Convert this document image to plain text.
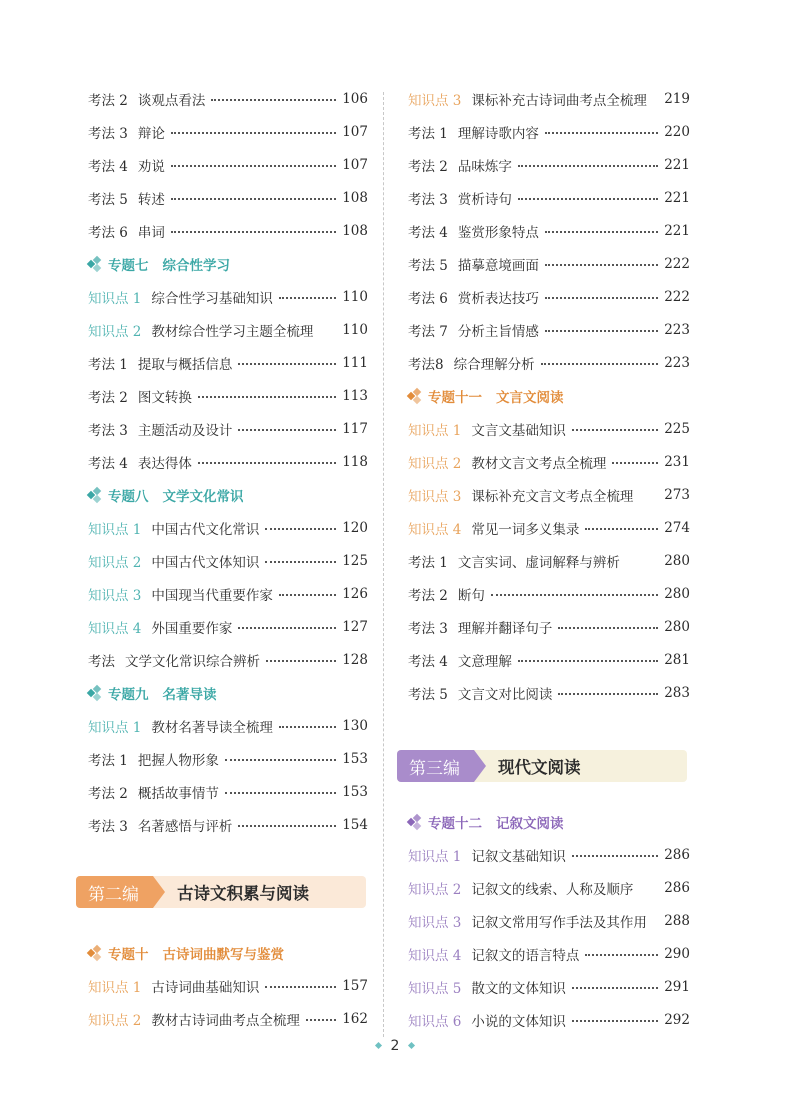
考法 2 谈观点看法	106
考法 3 辩论	107
考法 4 劝说	107
考法 5 转述	108
考法 6 串词	108
专题七 综合性学习
知识点 1 综合性学习基础知识	110
知识点 2 教材综合性学习主题全梳理 110
考法 1 提取与概括信息	111
考法 2 图文转换	113
考法 3 主题活动及设计	117
考法 4 表达得体	118
专题八 文学文化常识
知识点 1 中国古代文化常识	120
知识点 2 中国古代文体知识	125
知识点 3 中国现当代重要作家	126
知识点 4 外国重要作家	127
考法 文学文化常识综合辨析	128
专题九 名著导读
知识点 1 教材名著导读全梳理	130
考法 1 把握人物形象	153
考法 2 概括故事情节	153
考法 3 名著感悟与评析	154
第二编	古诗文积累与阅读
专题十 古诗词曲默写与鉴赏
知识点 1 古诗词曲基础知识	157
知识点 2 教材古诗词曲考点全梳理	162
知识点 3 课标补充古诗词曲考点全梳理 219
考法 1 理解诗歌内容	220
考法 2 品味炼字	221
考法 3 赏析诗句	221
考法 4 鉴赏形象特点	221
考法 5 描摹意境画面	222
考法 6 赏析表达技巧	222
考法 7 分析主旨情感	223
考法8 综合理解分析	223
专题十一 文言文阅读
知识点 1 文言文基础知识	225
知识点 2 教材文言文考点全梳理	231
知识点 3 课标补充文言文考点全梳理 273
知识点 4 常见一词多义集录	274
考法 1 文言实词、虚词解释与辨析	280
考法 2 断句	280
考法 3 理解并翻译句子	280
考法 4 文意理解	281
考法 5 文言文对比阅读	283
第三编	现代文阅读
专题十二 记叙文阅读
知识点 1 记叙文基础知识	286
知识点 2 记叙文的线索、人称及顺序 286
知识点 3 记叙文常用写作手法及其作用 288
知识点 4 记叙文的语言特点	290
知识点 5 散文的文体知识	291
知识点 6 小说的文体知识	292
2
